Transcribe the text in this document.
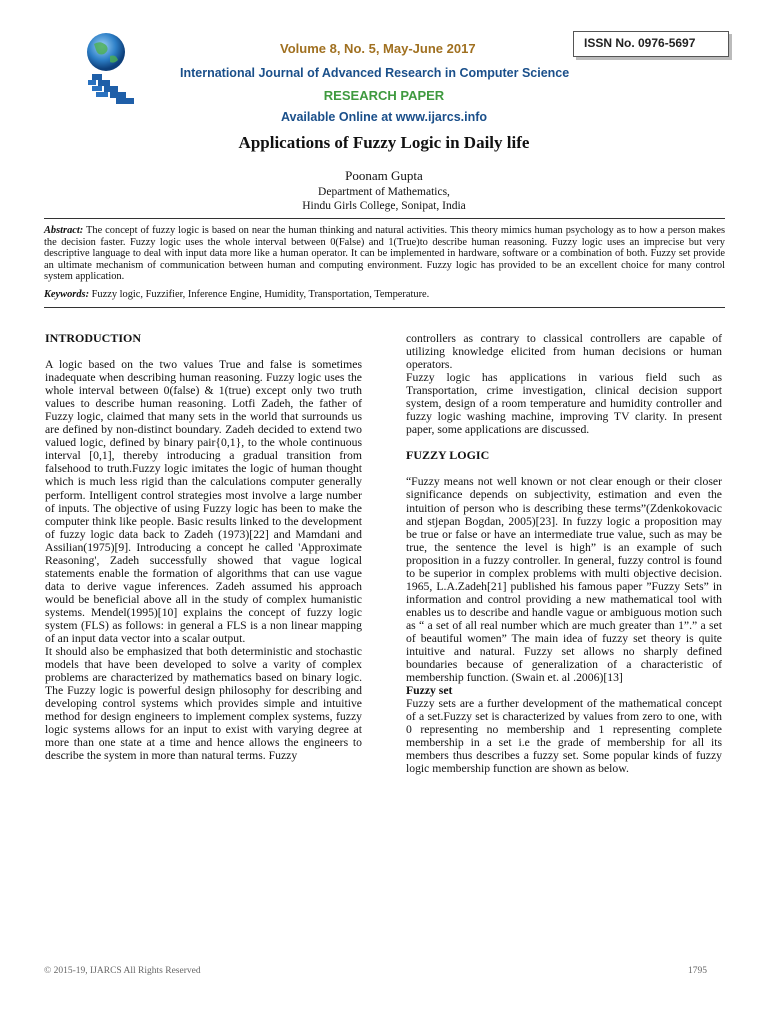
Volume 8, No. 5, May-June 2017	ISSN No. 0976-5697
International Journal of Advanced Research in Computer Science
RESEARCH PAPER
Available Online at www.ijarcs.info
Applications of Fuzzy Logic in Daily life
Poonam Gupta
Department of Mathematics,
Hindu Girls College, Sonipat, India

Abstract: The concept of fuzzy logic is based on near the human thinking and natural activities. This theory mimics human psychology as to how a person makes the decision faster. Fuzzy logic uses the whole interval between 0(False) and 1(True)to describe human reasoning. Fuzzy logic uses an imprecise but very descriptive language to deal with input data more like a human operator. It can be implemented in hardware, software or a combination of both. Fuzzy set provide an ultimate mechanism of communication between human and computing environment. Fuzzy logic has provided to be an excellent choice for many control system application.

Keywords: Fuzzy logic, Fuzzifier, Inference Engine, Humidity, Transportation, Temperature.

INTRODUCTION

A logic based on the two values True and false is sometimes inadequate when describing human reasoning. Fuzzy logic uses the whole interval between 0(false) & 1(true) except only two truth values to describe human reasoning. Lotfi Zadeh, the father of Fuzzy logic, claimed that many sets in the world that surrounds us are defined by non-distinct boundary. Zadeh decided to extend two valued logic, defined by binary pair{0,1}, to the whole continuous interval [0,1], thereby introducing a gradual transition from falsehood to truth.Fuzzy logic imitates the logic of human thought which is much less rigid than the calculations computer generally perform. Intelligent control strategies most involve a large number of inputs. The objective of using Fuzzy logic has been to make the computer think like people. Basic results linked to the development of fuzzy logic data back to Zadeh (1973)[22] and Mamdani and Assilian(1975)[9]. Introducing a concept he called 'Approximate Reasoning', Zadeh successfully showed that vague logical statements enable the formation of algorithms that can use vague data to derive vague inferences. Zadeh assumed his approach would be beneficial above all in the study of complex humanistic systems. Mendel(1995)[10] explains the concept of fuzzy logic system (FLS) as follows: in general a FLS is a non linear mapping of an input data vector into a scalar output.

It should also be emphasized that both deterministic and stochastic models that have been developed to solve a varity of complex problems are characterized by mathematics based on binary logic. The Fuzzy logic is powerful design philosophy for describing and developing control systems which provides simple and intuitive method for design engineers to implement complex systems, fuzzy logic systems allows for an input to exist with varying degree at more than one state at a time and hence allows the engineers to describe the system in more than natural terms. Fuzzy

controllers as contrary to classical controllers are capable of utilizing knowledge elicited from human decisions or human operators.

Fuzzy logic has applications in various field such as Transportation, crime investigation, clinical decision support system, design of a room temperature and humidity controller and fuzzy logic washing machine, improving TV clarity. In present paper, some applications are discussed.

FUZZY LOGIC

“Fuzzy means not well known or not clear enough or their closer significance depends on subjectivity, estimation and even the intuition of person who is describing these terms”(Zdenkokovacic and stjepan Bogdan, 2005)[23]. In fuzzy logic a proposition may be true or false or have an intermediate true value, such as may be true, the sentence the level is high” is an example of such proposition in a fuzzy controller. In general, fuzzy control is found to be superior in complex problems with multi objective decision. 1965, L.A.Zadeh[21] published his famous paper ”Fuzzy Sets” in information and control providing a new mathematical tool with enables us to describe and handle vague or ambiguous motion such as “ a set of all real number which are much greater than 1”.” a set of beautiful women” The main idea of fuzzy set theory is quite intuitive and natural. Fuzzy set allows no sharply defined boundaries because of generalization of a characteristic of membership function. (Swain et. al .2006)[13]

Fuzzy set

Fuzzy sets are a further development of the mathematical concept of a set.Fuzzy set is characterized by values from zero to one, with 0 representing no membership and 1 representing complete membership in a set i.e the grade of membership for all its members thus describes a fuzzy set. Some popular kinds of fuzzy logic membership function are shown as below.

© 2015-19, IJARCS All Rights Reserved	1795
